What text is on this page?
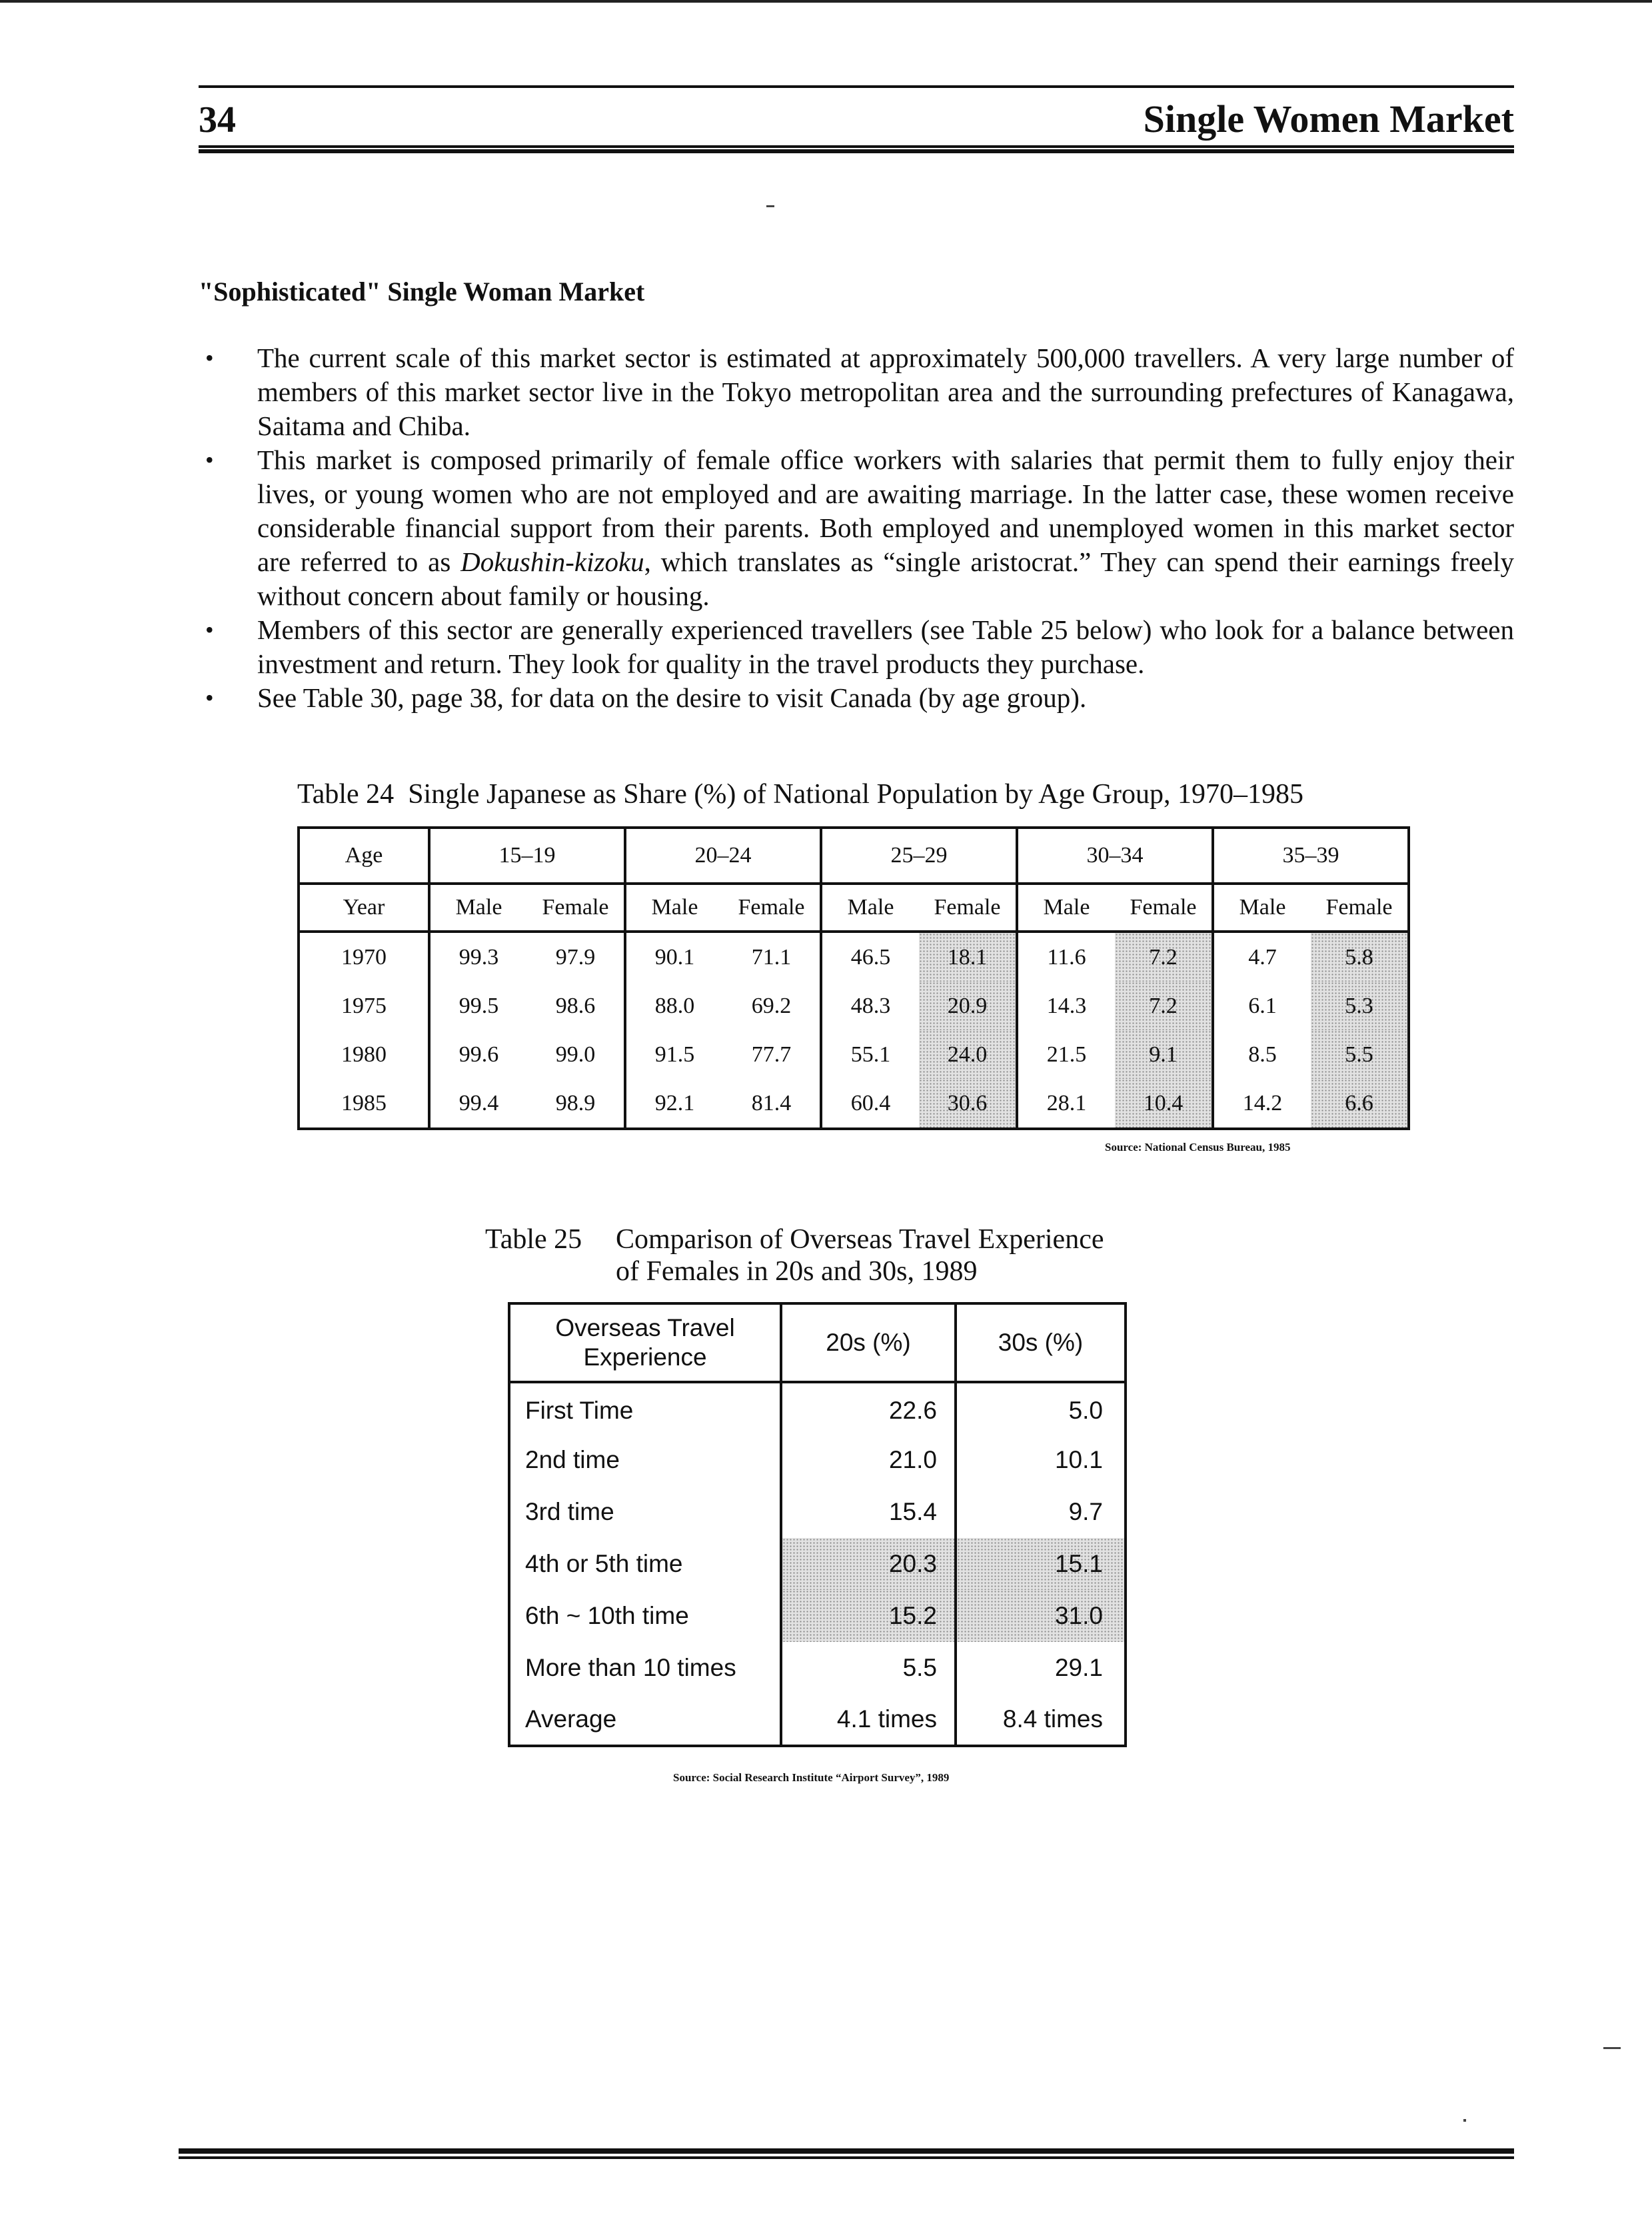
34	Single Women Market
"Sophisticated" Single Woman Market
• The current scale of this market sector is estimated at approximately 500,000 travellers. A very large number of members of this market sector live in the Tokyo metropolitan area and the surrounding prefectures of Kanagawa, Saitama and Chiba.
• This market is composed primarily of female office workers with salaries that permit them to fully enjoy their lives, or young women who are not employed and are awaiting marriage. In the latter case, these women receive considerable financial support from their parents. Both employed and unemployed women in this market sector are referred to as Dokushin-kizoku, which translates as “single aristocrat.” They can spend their earnings freely without concern about family or housing.
• Members of this sector are generally experienced travellers (see Table 25 below) who look for a balance between investment and return. They look for quality in the travel products they purchase.
• See Table 30, page 38, for data on the desire to visit Canada (by age group).
Table 24 Single Japanese as Share (%) of National Population by Age Group, 1970–1985
Age	15–19		20–24		25–29		30–34		35–39	
Year	Male	Female	Male	Female	Male	Female	Male	Female	Male	Female
1970	99.3	97.9	90.1	71.1	46.5	18.1	11.6	7.2	4.7	5.8
1975	99.5	98.6	88.0	69.2	48.3	20.9	14.3	7.2	6.1	5.3
1980	99.6	99.0	91.5	77.7	55.1	24.0	21.5	9.1	8.5	5.5
1985	99.4	98.9	92.1	81.4	60.4	30.6	28.1	10.4	14.2	6.6
Source: National Census Bureau, 1985
Table 25 Comparison of Overseas Travel Experience
of Females in 20s and 30s, 1989
Overseas Travel
Experience	20s (%)	30s (%)
First Time	22.6	5.0
2nd time	21.0	10.1
3rd time	15.4	9.7
4th or 5th time	20.3	15.1
6th ~ 10th time	15.2	31.0
More than 10 times	5.5	29.1
Average	4.1 times	8.4 times
Source: Social Research Institute “Airport Survey”, 1989
